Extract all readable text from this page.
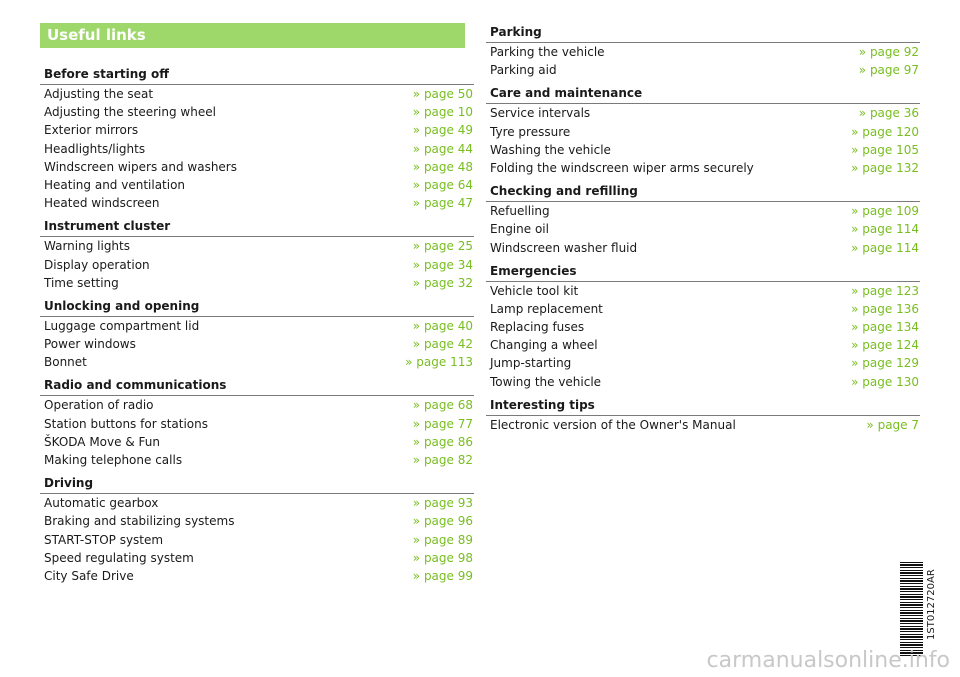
Useful links
Before starting off
Adjusting the seat	» page 50
Adjusting the steering wheel	» page 10
Exterior mirrors	» page 49
Headlights/lights	» page 44
Windscreen wipers and washers	» page 48
Heating and ventilation	» page 64
Heated windscreen	» page 47
Instrument cluster
Warning lights	» page 25
Display operation	» page 34
Time setting	» page 32
Unlocking and opening
Luggage compartment lid	» page 40
Power windows	» page 42
Bonnet	» page 113
Radio and communications
Operation of radio	» page 68
Station buttons for stations	» page 77
ŠKODA Move & Fun	» page 86
Making telephone calls	» page 82
Driving
Automatic gearbox	» page 93
Braking and stabilizing systems	» page 96
START-STOP system	» page 89
Speed regulating system	» page 98
City Safe Drive	» page 99
Parking
Parking the vehicle	» page 92
Parking aid	» page 97
Care and maintenance
Service intervals	» page 36
Tyre pressure	» page 120
Washing the vehicle	» page 105
Folding the windscreen wiper arms securely	» page 132
Checking and refilling
Refuelling	» page 109
Engine oil	» page 114
Windscreen washer fluid	» page 114
Emergencies
Vehicle tool kit	» page 123
Lamp replacement	» page 136
Replacing fuses	» page 134
Changing a wheel	» page 124
Jump-starting	» page 129
Towing the vehicle	» page 130
Interesting tips
Electronic version of the Owner's Manual	» page 7
1ST012720AR
carmanualsonline.info
